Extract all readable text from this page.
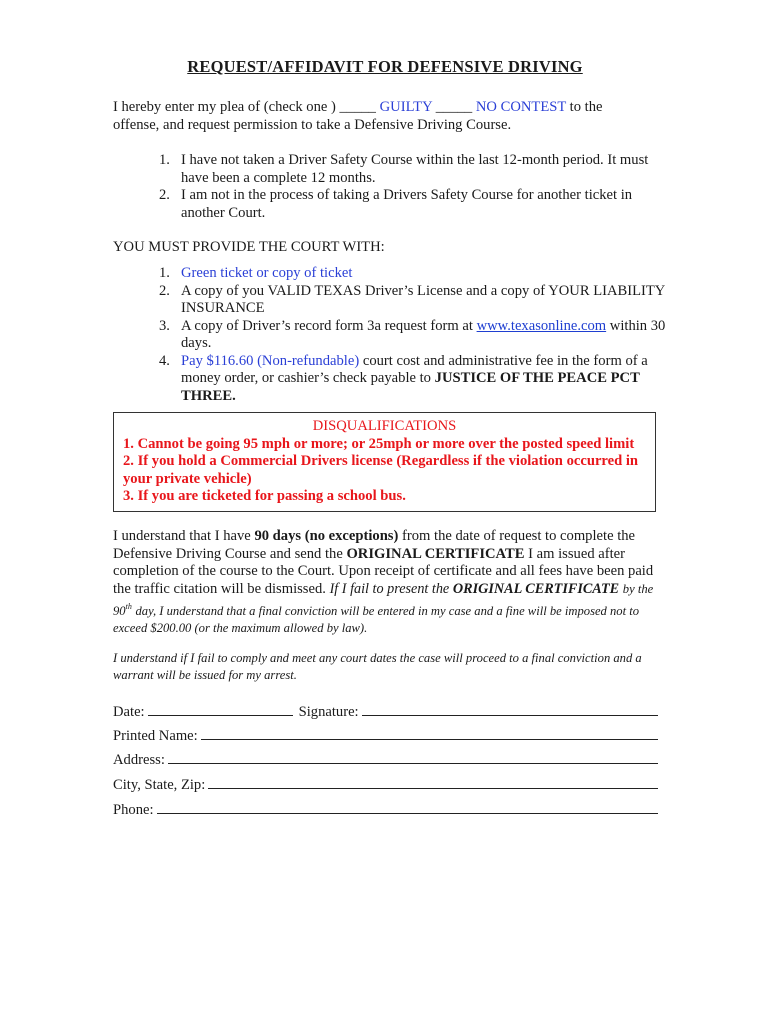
REQUEST/AFFIDAVIT FOR DEFENSIVE DRIVING
I hereby enter my plea of (check one ) _____ GUILTY _____ NO CONTEST to the
offense, and request permission to take a Defensive Driving Course.
1. I have not taken a Driver Safety Course within the last 12-month period. It must have been a complete 12 months.
2. I am not in the process of taking a Drivers Safety Course for another ticket in another Court.
YOU MUST PROVIDE THE COURT WITH:
1. Green ticket or copy of ticket
2. A copy of you VALID TEXAS Driver’s License and a copy of YOUR LIABILITY INSURANCE
3. A copy of Driver’s record form 3a request form at www.texasonline.com within 30 days.
4. Pay $116.60 (Non-refundable) court cost and administrative fee in the form of a money order, or cashier’s check payable to JUSTICE OF THE PEACE PCT THREE.
DISQUALIFICATIONS
1. Cannot be going 95 mph or more; or 25mph or more over the posted speed limit
2. If you hold a Commercial Drivers license (Regardless if the violation occurred in your private vehicle)
3. If you are ticketed for passing a school bus.
I understand that I have 90 days (no exceptions) from the date of request to complete the Defensive Driving Course and send the ORIGINAL CERTIFICATE I am issued after completion of the course to the Court. Upon receipt of certificate and all fees have been paid the traffic citation will be dismissed. If I fail to present the ORIGINAL CERTIFICATE by the 90th day, I understand that a final conviction will be entered in my case and a fine will be imposed not to exceed $200.00 (or the maximum allowed by law).
I understand if I fail to comply and meet any court dates the case will proceed to a final conviction and a warrant will be issued for my arrest.
Date:	Signature:
Printed Name:
Address:
City, State, Zip:
Phone:
